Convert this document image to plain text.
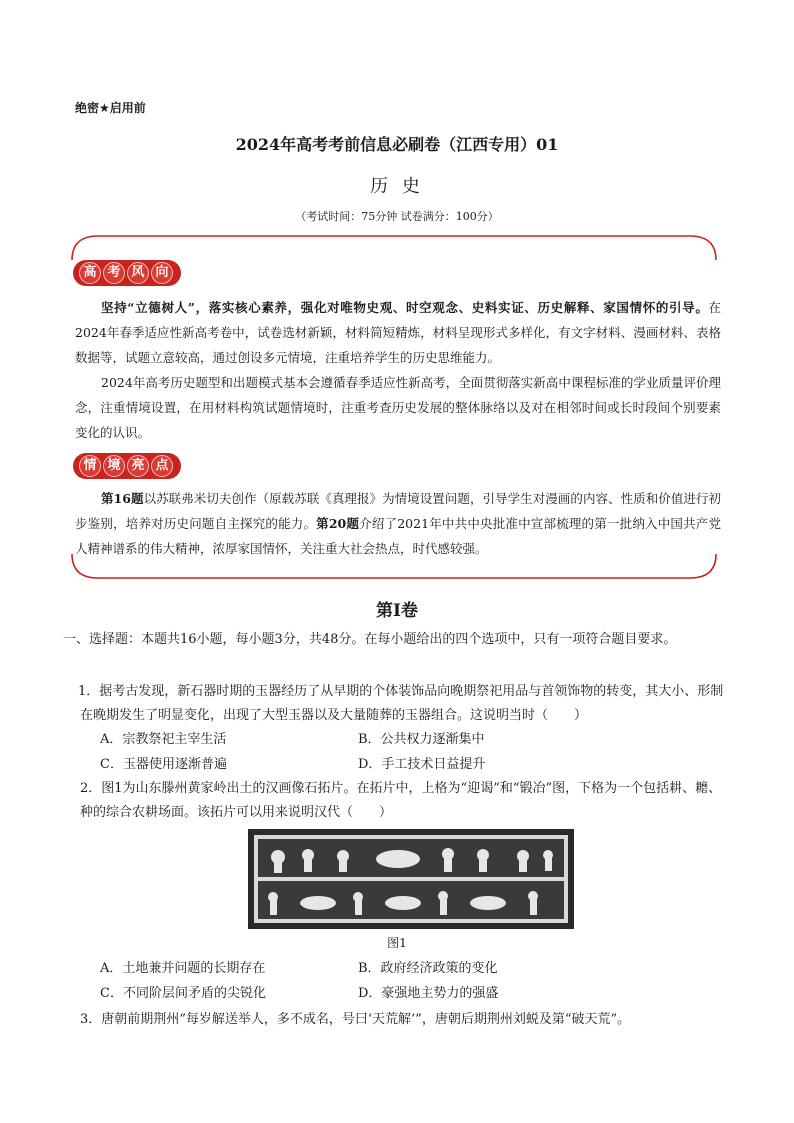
绝密★启用前
2024年高考考前信息必刷卷（江西专用）01
历 史
（考试时间：75分钟 试卷满分：100分）
高 考 风 向
坚持“立德树人”，落实核心素养，强化对唯物史观、时空观念、史料实证、历史解释、家国情怀的引导。在2024年春季适应性新高考卷中，试卷选材新颖，材料简短精炼，材料呈现形式多样化，有文字材料、漫画材料、表格数据等，试题立意较高，通过创设多元情境，注重培养学生的历史思维能力。
2024年高考历史题型和出题模式基本会遵循春季适应性新高考，全面贯彻落实新高中课程标准的学业质量评价理念，注重情境设置，在用材料构筑试题情境时，注重考查历史发展的整体脉络以及对在相邻时间或长时段间个别要素变化的认识。
情 境 亮 点
第16题以苏联弗米切夫创作（原载苏联《真理报》为情境设置问题，引导学生对漫画的内容、性质和价值进行初步鉴别，培养对历史问题自主探究的能力。第20题介绍了2021年中共中央批准中宣部梳理的第一批纳入中国共产党人精神谱系的伟大精神，浓厚家国情怀，关注重大社会热点，时代感较强。
第Ⅰ卷
一、选择题：本题共16小题，每小题3分，共48分。在每小题给出的四个选项中，只有一项符合题目要求。
1．据考古发现，新石器时期的玉器经历了从早期的个体装饰品向晚期祭祀用品与首领饰物的转变，其大小、形制在晚期发生了明显变化，出现了大型玉器以及大量随葬的玉器组合。这说明当时（　　）
A．宗教祭祀主宰生活	B．公共权力逐渐集中
C．玉器使用逐渐普遍	D．手工技术日益提升
2．图1为山东滕州黄家岭出土的汉画像石拓片。在拓片中，上格为“迎谒”和“锻冶”图，下格为一个包括耕、耱、种的综合农耕场面。该拓片可以用来说明汉代（　　）
图1
A．土地兼并问题的长期存在	B．政府经济政策的变化
C．不同阶层间矛盾的尖锐化	D．豪强地主势力的强盛
3．唐朝前期荆州“每岁解送举人，多不成名，号曰‘天荒解’”，唐朝后期荆州刘蜕及第“破天荒”。
